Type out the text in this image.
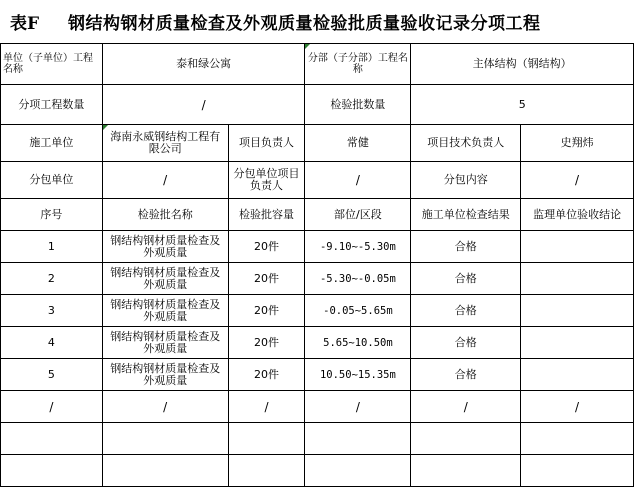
表F 钢结构钢材质量检查及外观质量检验批质量验收记录分项工程
单位（子单位）工程名称	泰和绿公寓		分部（子分部）工程名称	主体结构（钢结构）	
分项工程数量	/		检验批数量	5	
施工单位	海南永威钢结构工程有限公司	项目负责人	常健	项目技术负责人	史翔炜
分包单位	/	分包单位项目负责人	/	分包内容	/
序号	检验批名称	检验批容量	部位/区段	施工单位检查结果	监理单位验收结论
1	钢结构钢材质量检查及外观质量	20件	-9.10~-5.30m	合格	
2	钢结构钢材质量检查及外观质量	20件	-5.30~-0.05m	合格	
3	钢结构钢材质量检查及外观质量	20件	-0.05~5.65m	合格	
4	钢结构钢材质量检查及外观质量	20件	5.65~10.50m	合格	
5	钢结构钢材质量检查及外观质量	20件	10.50~15.35m	合格	
/	/	/	/	/	/
